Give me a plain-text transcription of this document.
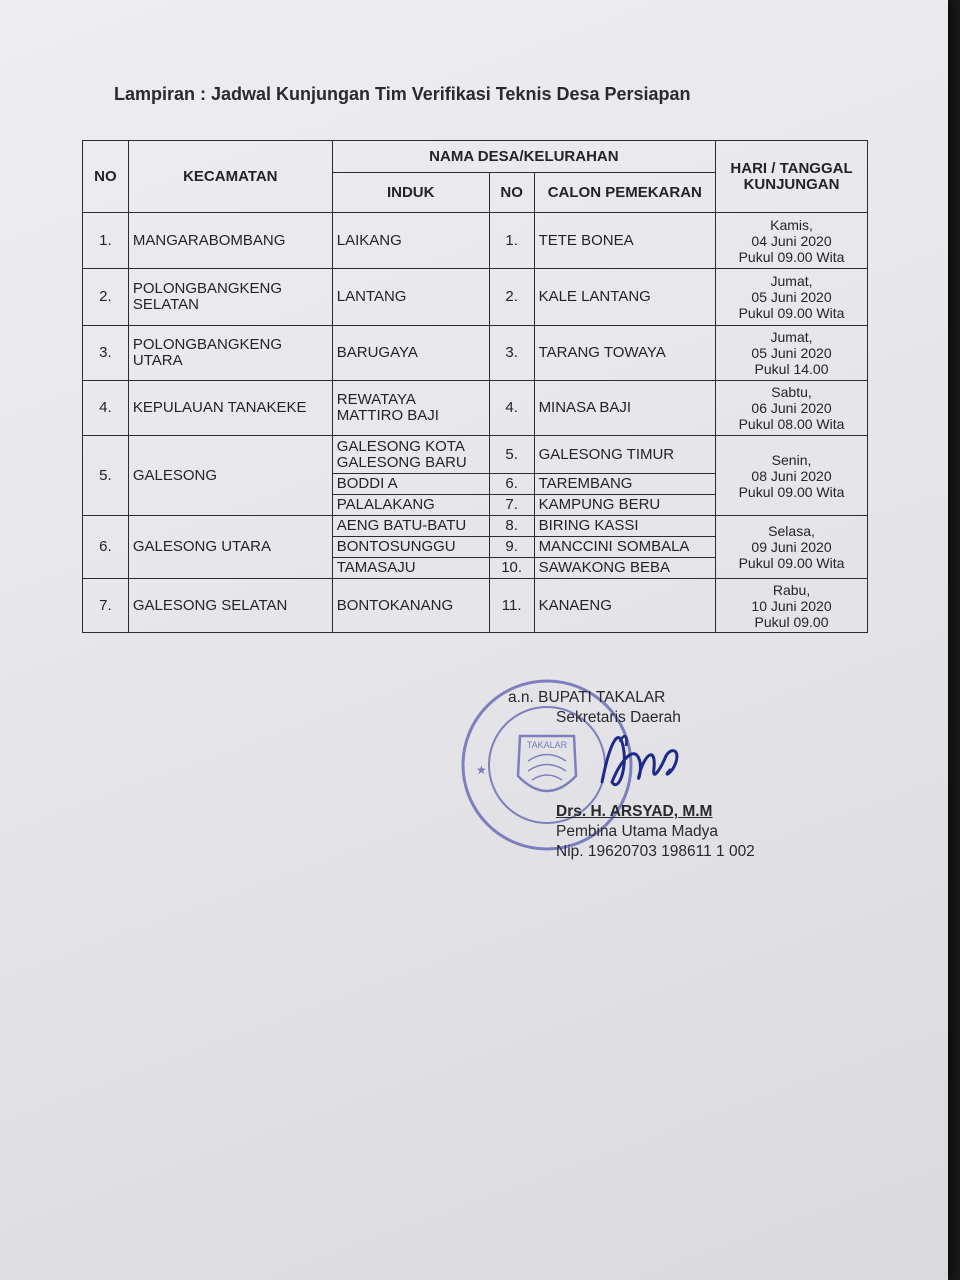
Lampiran : Jadwal Kunjungan Tim Verifikasi Teknis Desa Persiapan
NO	KECAMATAN	NAMA DESA/KELURAHAN			HARI / TANGGAL KUNJUNGAN
		INDUK	NO	CALON PEMEKARAN	
1.	MANGARABOMBANG	LAIKANG	1.	TETE BONEA	Kamis,
04 Juni 2020
Pukul 09.00 Wita
2.	POLONGBANGKENG SELATAN	LANTANG	2.	KALE LANTANG	Jumat,
05 Juni 2020
Pukul 09.00 Wita
3.	POLONGBANGKENG UTARA	BARUGAYA	3.	TARANG TOWAYA	Jumat,
05 Juni 2020
Pukul 14.00
4.	KEPULAUAN TANAKEKE	REWATAYA MATTIRO BAJI	4.	MINASA BAJI	Sabtu,
06 Juni 2020
Pukul 08.00 Wita
5.	GALESONG	GALESONG KOTA GALESONG BARU	5.	GALESONG TIMUR	Senin,
08 Juni 2020
Pukul 09.00 Wita
		BODDI A	6.	TAREMBANG	
		PALALAKANG	7.	KAMPUNG BERU	
6.	GALESONG UTARA	AENG BATU-BATU	8.	BIRING KASSI	Selasa,
09 Juni 2020
Pukul 09.00 Wita
		BONTOSUNGGU	9.	MANCCINI SOMBALA	
		TAMASAJU	10.	SAWAKONG BEBA	
7.	GALESONG SELATAN	BONTOKANANG	11.	KANAENG	Rabu,
10 Juni 2020
Pukul 09.00
TAKALAR
★
a.n. BUPATI TAKALAR
Sekretaris Daerah
Drs. H. ARSYAD, M.M
Pembina Utama Madya
Nip. 19620703 198611 1 002
